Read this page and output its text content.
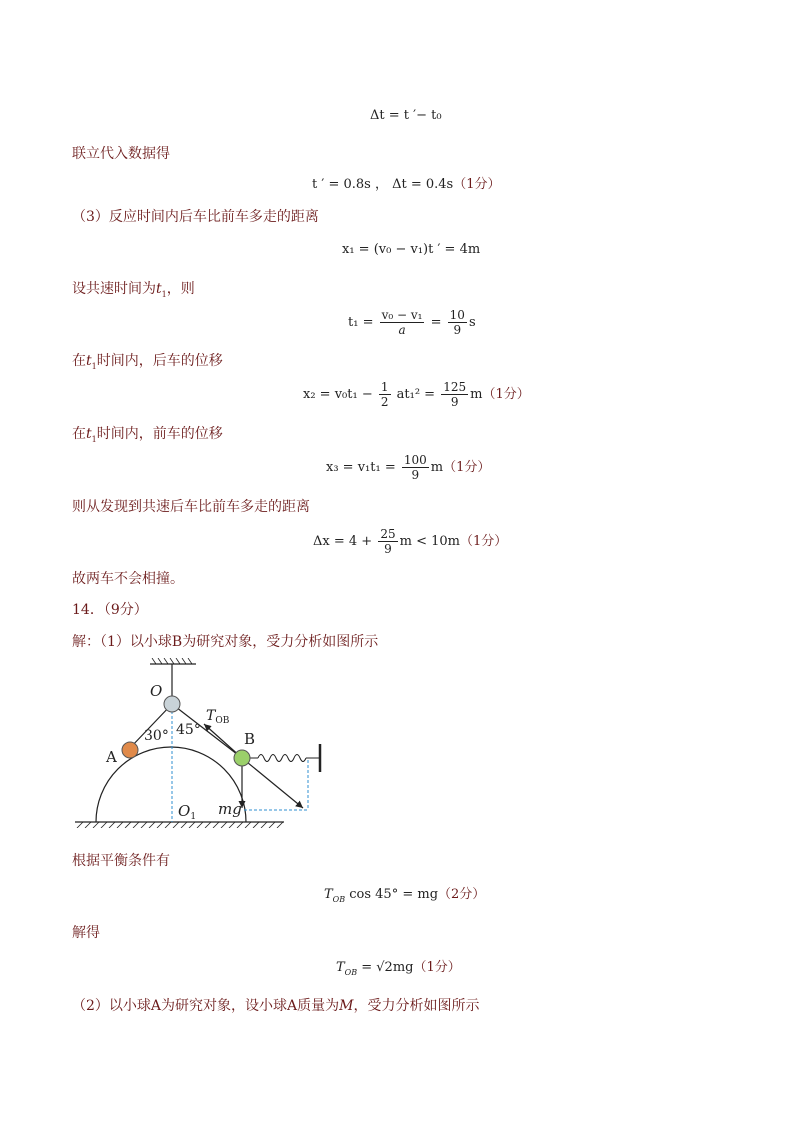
Δt = t ′− t₀
联立代入数据得
t ′ = 0.8s ， Δt = 0.4s（1分）
（3）反应时间内后车比前车多走的距离
x₁ = (v₀ − v₁)t ′ = 4m
设共速时间为$t_1$，则
$t_1 = \frac{\text{v₀ − v₁}}{a} = \frac{10}{9}$ s
在$t_1$时间内，后车的位移
$x_2 = v_0t_1 - \frac{1}{2} at_1^2 = \frac{125}{9} m(1$分）
在$t_1$时间内，前车的位移
$x_3 = v_1t_1 = \frac{100}{9} m(1$分）
则从发现到共速后车比前车多走的距离
$\Delta x = 4 + \frac{25}{9}$ m < 10m（1分）
故两车不会相撞。
14．（9分）
解：（1）以小球B为研究对象，受力分析如图所示
O
A
B
30° 45°
$T_{OB}$
mg
$O_1$
根据平衡条件有
$T_{OB}$ cos 45° = mg（2分）
解得
$T_{OB} = √2mg(1$分）
（2）以小球A为研究对象，设小球A质量为M，受力分析如图所示
